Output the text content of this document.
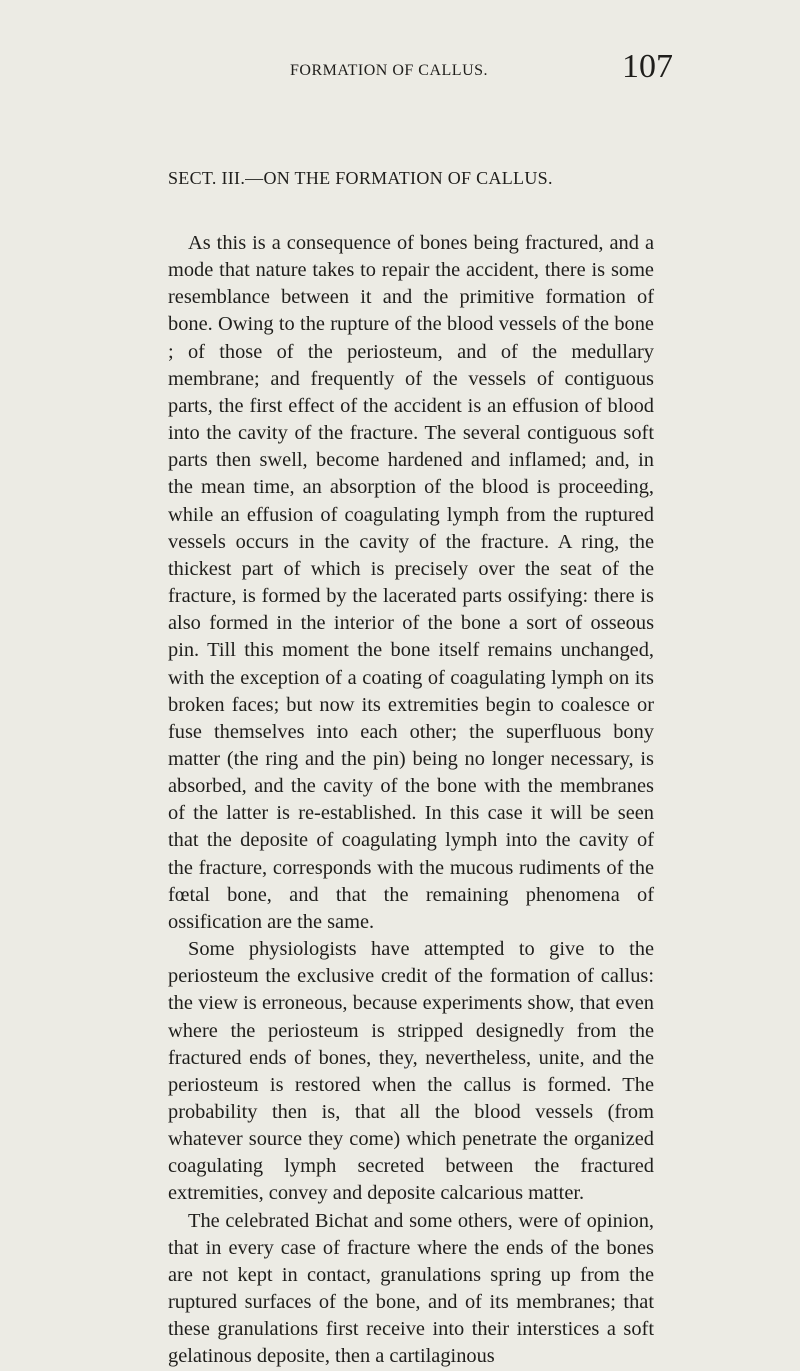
FORMATION OF CALLUS.	107
SECT. III.—ON THE FORMATION OF CALLUS.

As this is a consequence of bones being fractured, and a mode that nature takes to repair the accident, there is some resemblance between it and the primitive formation of bone. Owing to the rupture of the blood vessels of the bone ; of those of the periosteum, and of the medullary membrane; and frequently of the vessels of contiguous parts, the first effect of the accident is an effusion of blood into the cavity of the fracture. The several contiguous soft parts then swell, become hardened and inflamed; and, in the mean time, an absorption of the blood is proceeding, while an effusion of coagulating lymph from the ruptured vessels occurs in the cavity of the fracture. A ring, the thickest part of which is precisely over the seat of the fracture, is formed by the lacerated parts ossifying: there is also formed in the interior of the bone a sort of osseous pin. Till this moment the bone itself remains unchanged, with the exception of a coating of coagulating lymph on its broken faces; but now its extremities begin to coalesce or fuse themselves into each other; the superfluous bony matter (the ring and the pin) being no longer necessary, is absorbed, and the cavity of the bone with the membranes of the latter is re-established. In this case it will be seen that the deposite of coagulating lymph into the cavity of the fracture, corresponds with the mucous rudiments of the fœtal bone, and that the remaining phenomena of ossification are the same.

Some physiologists have attempted to give to the periosteum the exclusive credit of the formation of callus: the view is erroneous, because experiments show, that even where the periosteum is stripped designedly from the fractured ends of bones, they, nevertheless, unite, and the periosteum is restored when the callus is formed. The probability then is, that all the blood vessels (from whatever source they come) which penetrate the organized coagulating lymph secreted between the fractured extremities, convey and deposite calcarious matter.

The celebrated Bichat and some others, were of opinion, that in every case of fracture where the ends of the bones are not kept in contact, granulations spring up from the ruptured surfaces of the bone, and of its membranes; that these granulations first receive into their interstices a soft gelatinous deposite, then a cartilaginous
